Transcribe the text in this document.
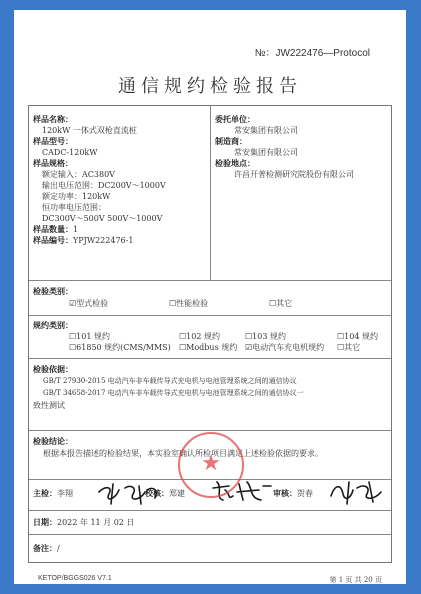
№：JW222476—Protocol
通信规约检验报告
样品名称：
120kW 一体式双枪直流桩
样品型号：
CADC-120kW
样品规格：
额定输入：AC380V
输出电压范围：DC200V～1000V
额定功率：120kW
恒功率电压范围：
DC300V～500V 500V～1000V
样品数量：1
样品编号：YPJW222476-1
委托单位：
常安集团有限公司
制造商：
常安集团有限公司
检验地点：
许昌开普检测研究院股份有限公司
检验类别：
☑型式检验	☐性能检验	☐其它
规约类别：
☐101 规约	☐102 规约	☐103 规约	☐104 规约
☐61850 规约(CMS/MMS) ☐Modbus 规约 ☑电动汽车充电机规约 ☐其它
检验依据：
GB/T 27930-2015 电动汽车非车载传导式充电机与电池管理系统之间的通信协议
GB/T 34658-2017 电动汽车非车载传导式充电机与电池管理系统之间的通信协议一
致性测试
检验结论：
根据本报告描述的检验结果，本实验室确认所检项目满足上述检验依据的要求。
主检：李翔	校核：郑建	审核：贺春
★
日期：2022 年 11 月 02 日
备注：/
KETOP/BGGS026 V7.1	第 1 页 共 20 页
